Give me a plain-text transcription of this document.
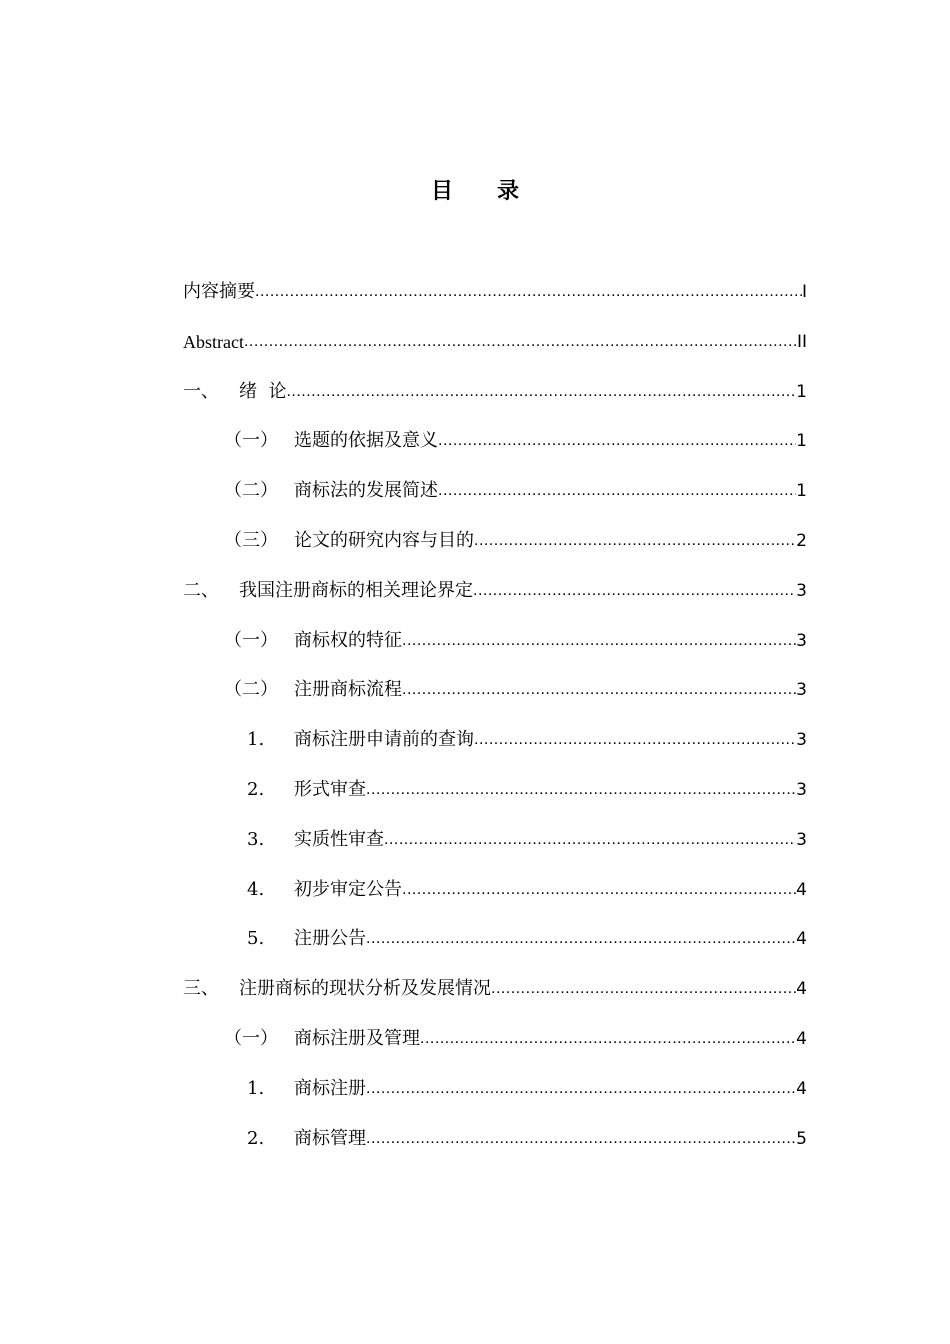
目 录
内容摘要 .....	I
Abstract .....	II
一、	绪  论 .....	1
（一） 选题的依据及意义 .....	1
（二） 商标法的发展简述 .....	1
（三） 论文的研究内容与目的 .....	2
二、	我国注册商标的相关理论界定 .....	3
（一） 商标权的特征 .....	3
（二） 注册商标流程 .....	3
1.	商标注册申请前的查询 .....	3
2.	形式审查 .....	3
3.	实质性审查 .....	3
4.	初步审定公告 .....	4
5.	注册公告 .....	4
三、	注册商标的现状分析及发展情况 .....	4
（一） 商标注册及管理 .....	4
1.	商标注册 .....	4
2.	商标管理 .....	5
